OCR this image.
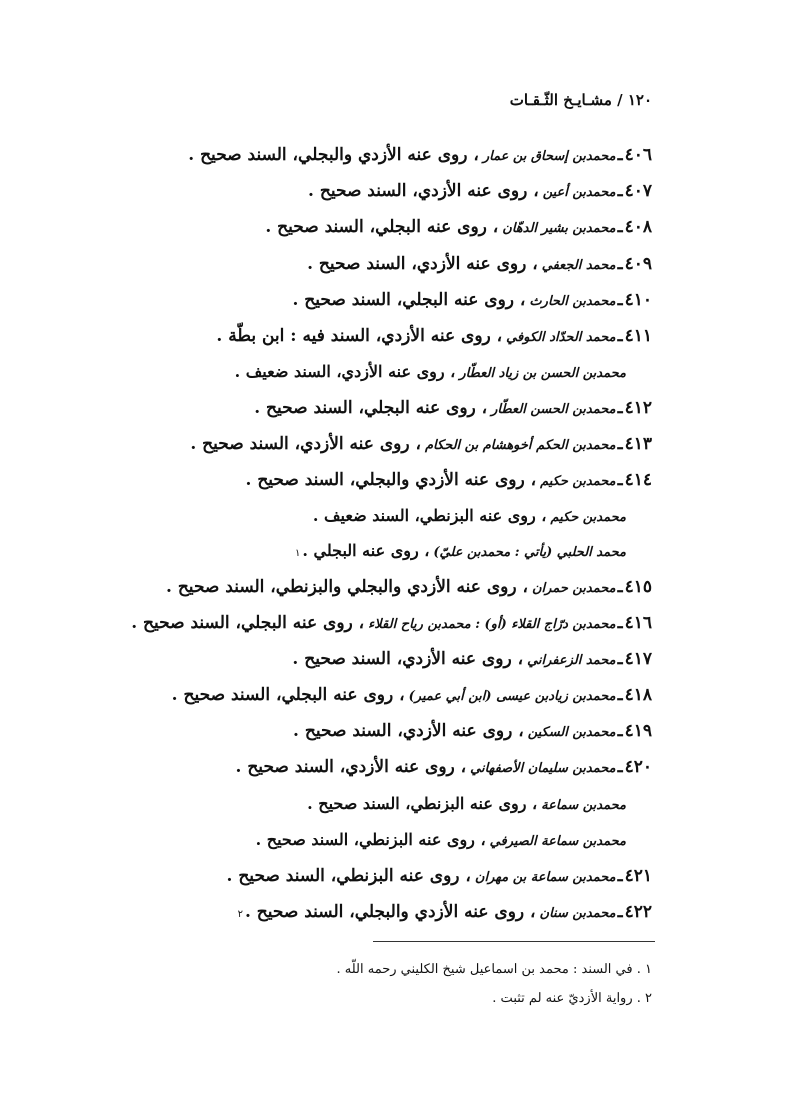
١٢٠ / مشـايـخ الثّـقـات
٤٠٦
ـ
محمدبن إسحاق بن عمار
، روى عنه الأزدي والبجلي، السند صحيح .
٤٠٧
ـ
محمدبن أعين
، روى عنه الأزدي، السند صحيح .
٤٠٨
ـ
محمدبن بشير الدهّان
، روى عنه البجلي، السند صحيح .
٤٠٩
ـ
محمد الجعفي
، روى عنه الأزدي، السند صحيح .
٤١٠
ـ
محمدبن الحارث
، روى عنه البجلي، السند صحيح .
٤١١
ـ
محمد الحدّاد الكوفي
، روى عنه الأزدي، السند فيه : ابن بطّة .
محمدبن الحسن بن زياد العطّار
، روى عنه الأزدي، السند ضعيف .
٤١٢
ـ
محمدبن الحسن العطّار
، روى عنه البجلي، السند صحيح .
٤١٣
ـ
محمدبن الحكم أخوهشام بن الحكام
، روى عنه الأزدي، السند صحيح .
٤١٤
ـ
محمدبن حكيم
، روى عنه الأزدي والبجلي، السند صحيح .
محمدبن حكيم
، روى عنه البزنطي، السند ضعيف .
محمد الحلبي (يأتي : محمدبن عليّ)
، روى عنه البجلي .
١
٤١٥
ـ
محمدبن حمران
، روى عنه الأزدي والبجلي والبزنطي، السند صحيح .
٤١٦
ـ
محمدبن درّاج القلاء (أو) : محمدبن رياح القلاء
، روى عنه البجلي، السند صحيح .
٤١٧
ـ
محمد الزعفراني
، روى عنه الأزدي، السند صحيح .
٤١٨
ـ
محمدبن زيادبن عيسى (ابن أبي عمير)
، روى عنه البجلي، السند صحيح .
٤١٩
ـ
محمدبن السكين
، روى عنه الأزدي، السند صحيح .
٤٢٠
ـ
محمدبن سليمان الأصفهاني
، روى عنه الأزدي، السند صحيح .
محمدبن سماعة
، روى عنه البزنطي، السند صحيح .
محمدبن سماعة الصيرفي
، روى عنه البزنطي، السند صحيح .
٤٢١
ـ
محمدبن سماعة بن مهران
، روى عنه البزنطي، السند صحيح .
٤٢٢
ـ
محمدبن سنان
، روى عنه الأزدي والبجلي، السند صحيح .
٢
١ . في السند : محمد بن اسماعيل شيخ الكليني رحمه اللّه .
٢ . رواية الأزديّ عنه لم تثبت .
